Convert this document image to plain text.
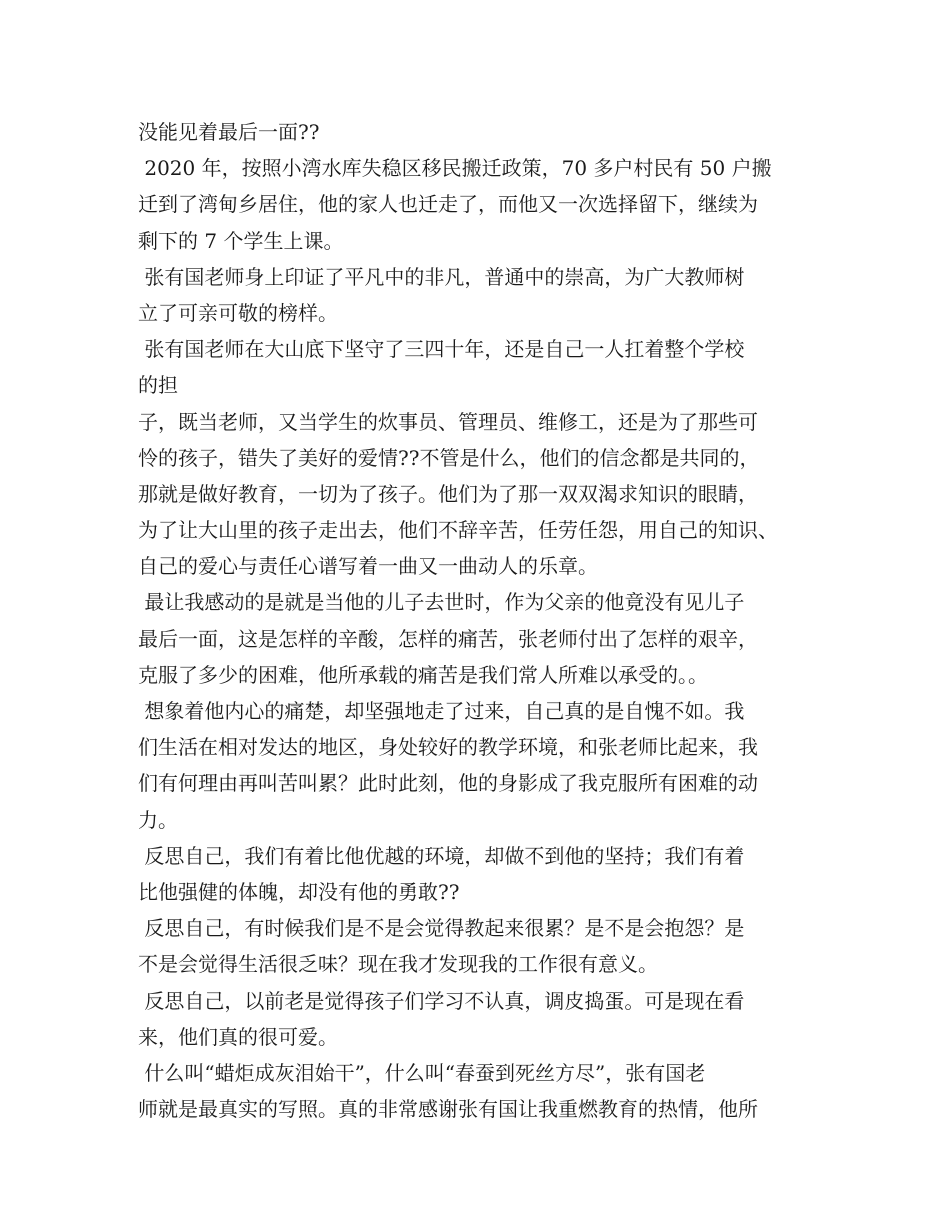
没能见着最后一面??
2020 年，按照小湾水库失稳区移民搬迁政策，70 多户村民有 50 户搬
迁到了湾甸乡居住，他的家人也迁走了，而他又一次选择留下，继续为
剩下的 7 个学生上课。
张有国老师身上印证了平凡中的非凡，普通中的崇高，为广大教师树
立了可亲可敬的榜样。
张有国老师在大山底下坚守了三四十年，还是自己一人扛着整个学校
的担
子，既当老师，又当学生的炊事员、管理员、维修工，还是为了那些可
怜的孩子，错失了美好的爱情??不管是什么，他们的信念都是共同的，
那就是做好教育，一切为了孩子。他们为了那一双双渴求知识的眼睛，
为了让大山里的孩子走出去，他们不辞辛苦，任劳任怨，用自己的知识、
自己的爱心与责任心谱写着一曲又一曲动人的乐章。
最让我感动的是就是当他的儿子去世时，作为父亲的他竟没有见儿子
最后一面，这是怎样的辛酸，怎样的痛苦，张老师付出了怎样的艰辛，
克服了多少的困难，他所承载的痛苦是我们常人所难以承受的。。
想象着他内心的痛楚，却坚强地走了过来，自己真的是自愧不如。我
们生活在相对发达的地区，身处较好的教学环境，和张老师比起来，我
们有何理由再叫苦叫累？此时此刻，他的身影成了我克服所有困难的动
力。
反思自己，我们有着比他优越的环境，却做不到他的坚持；我们有着
比他强健的体魄，却没有他的勇敢??
反思自己，有时候我们是不是会觉得教起来很累？是不是会抱怨？是
不是会觉得生活很乏味？现在我才发现我的工作很有意义。
反思自己，以前老是觉得孩子们学习不认真，调皮捣蛋。可是现在看
来，他们真的很可爱。
什么叫“蜡炬成灰泪始干”，什么叫“春蚕到死丝方尽”，张有国老
师就是最真实的写照。真的非常感谢张有国让我重燃教育的热情，他所
